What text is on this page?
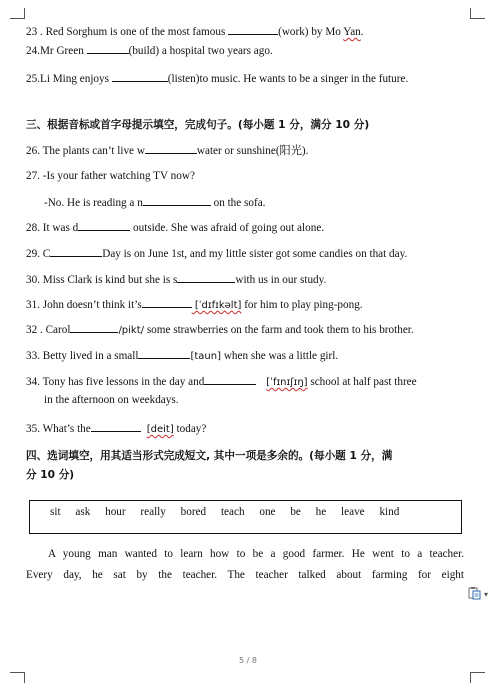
23 . Red Sorghum is one of the most famous	(work) by Mo Yan.
24.Mr Green	(build) a hospital two years ago.
25.Li Ming enjoys	(listen)to music. He wants to be a singer in the future.
三、根据音标或首字母提示填空，完成句子。(每小题 1 分，满分 10 分)
26. The plants can’t live w	water or sunshine(阳光).
27. -Is your father watching TV now?
-No. He is reading a n	on the sofa.
28. It was d	outside. She was afraid of going out alone.
29. C	Day is on June 1st, and my little sister got some candies on that day.
30. Miss Clark is kind but she is s	with us in our study.
31. John doesn’t think it’s	[ˈdɪfɪkəlt] for him to play ping-pong.
32 . Carol	/pikt/ some strawberries on the farm and took them to his brother.
33. Betty lived in a small	[taun] when she was a little girl.
34. Tony has five lessons in the day and	[ˈfɪnɪʃɪŋ] school at half past three
in the afternoon on weekdays.
35. What’s the	[deit] today?
四、选词填空，用其适当形式完成短文, 其中一项是多余的。(每小题 1 分，满
分 10 分)
sit ask hour really bored teach one be he leave kind
A young man wanted to learn how to be a good farmer. He went to a teacher.
Every day, he sat by the teacher. The teacher talked about farming for eight
▾
5 / 8
